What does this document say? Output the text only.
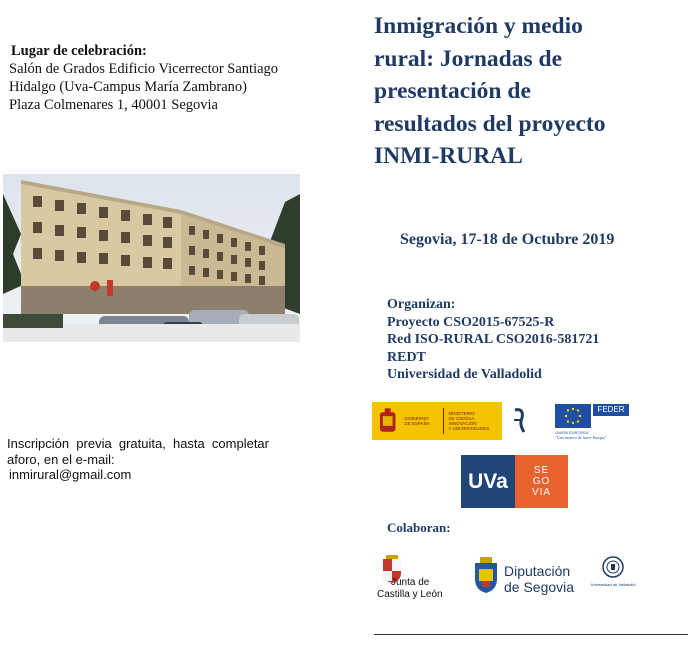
Lugar de celebración:
Salón de Grados Edificio Vicerrector Santiago
Hidalgo (Uva-Campus María Zambrano)
Plaza Colmenares 1, 40001 Segovia
Inscripción previa gratuita, hasta completar aforo, en el e-mail:
inmirural@gmail.com
Inmigración y medio
rural: Jornadas de
presentación de
resultados del proyecto
INMI-RURAL
Segovia, 17-18 de Octubre 2019
Organizan:
Proyecto CSO2015-67525-R
Red ISO-RURAL CSO2016-581721
REDT
Universidad de Valladolid
GOBIERNO
DE ESPAÑA
MINISTERIO
DE CIENCIA, INNOVACIÓN
Y UNIVERSIDADES
FEDER
UNIÓN EUROPEA
"Una manera de hacer Europa"
UVa	SE
GO
VIA
Colaboran:
Junta de
Castilla y León
Diputación
de Segovia	Universidad de Valladolid
